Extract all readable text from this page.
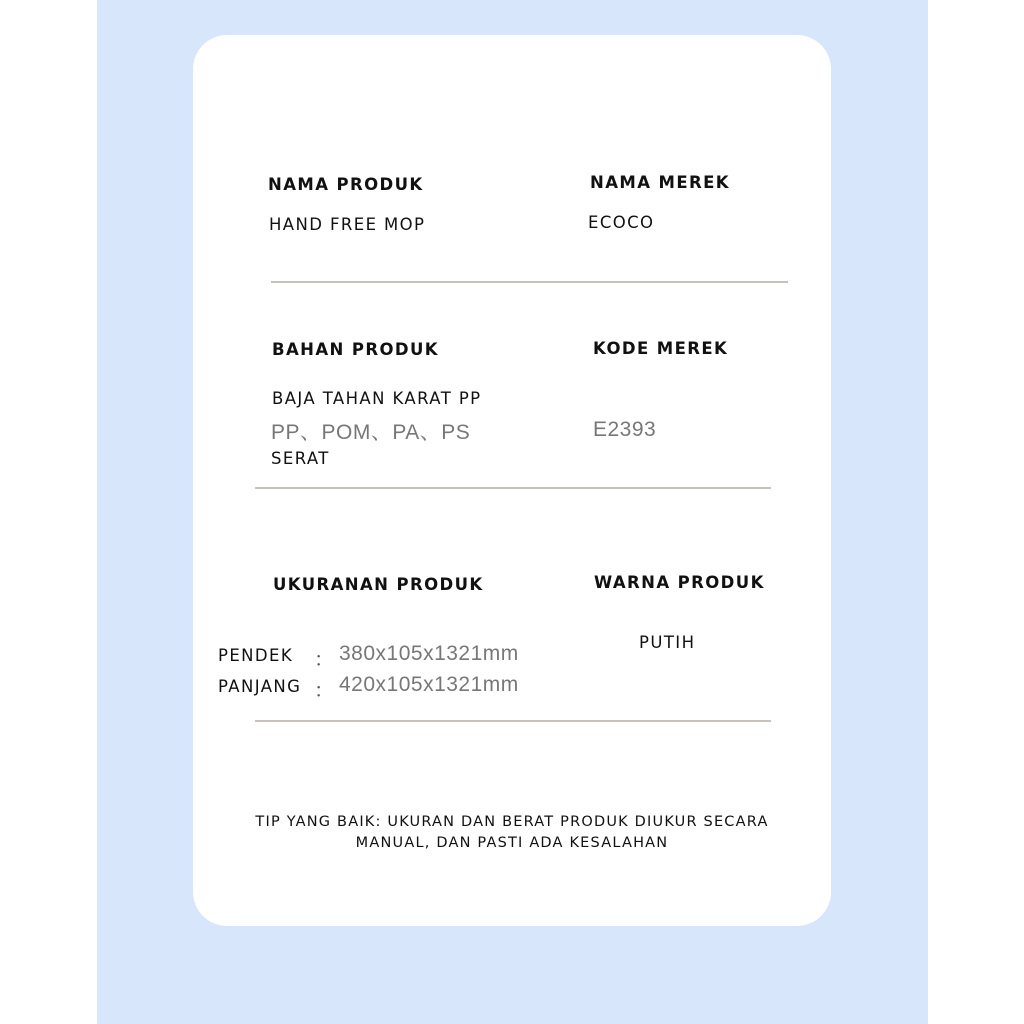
NAMA PRODUK
HAND FREE MOP
NAMA MEREK
ECOCO
BAHAN PRODUK
BAJA TAHAN KARAT PP
PP、POM、PA、PS
SERAT
KODE MEREK
E2393
UKURANAN PRODUK
PENDEK ： 380x105x1321mm
PANJANG ： 420x105x1321mm
WARNA PRODUK
PUTIH
TIP YANG BAIK: UKURAN DAN BERAT PRODUK DIUKUR SECARA
MANUAL, DAN PASTI ADA KESALAHAN
